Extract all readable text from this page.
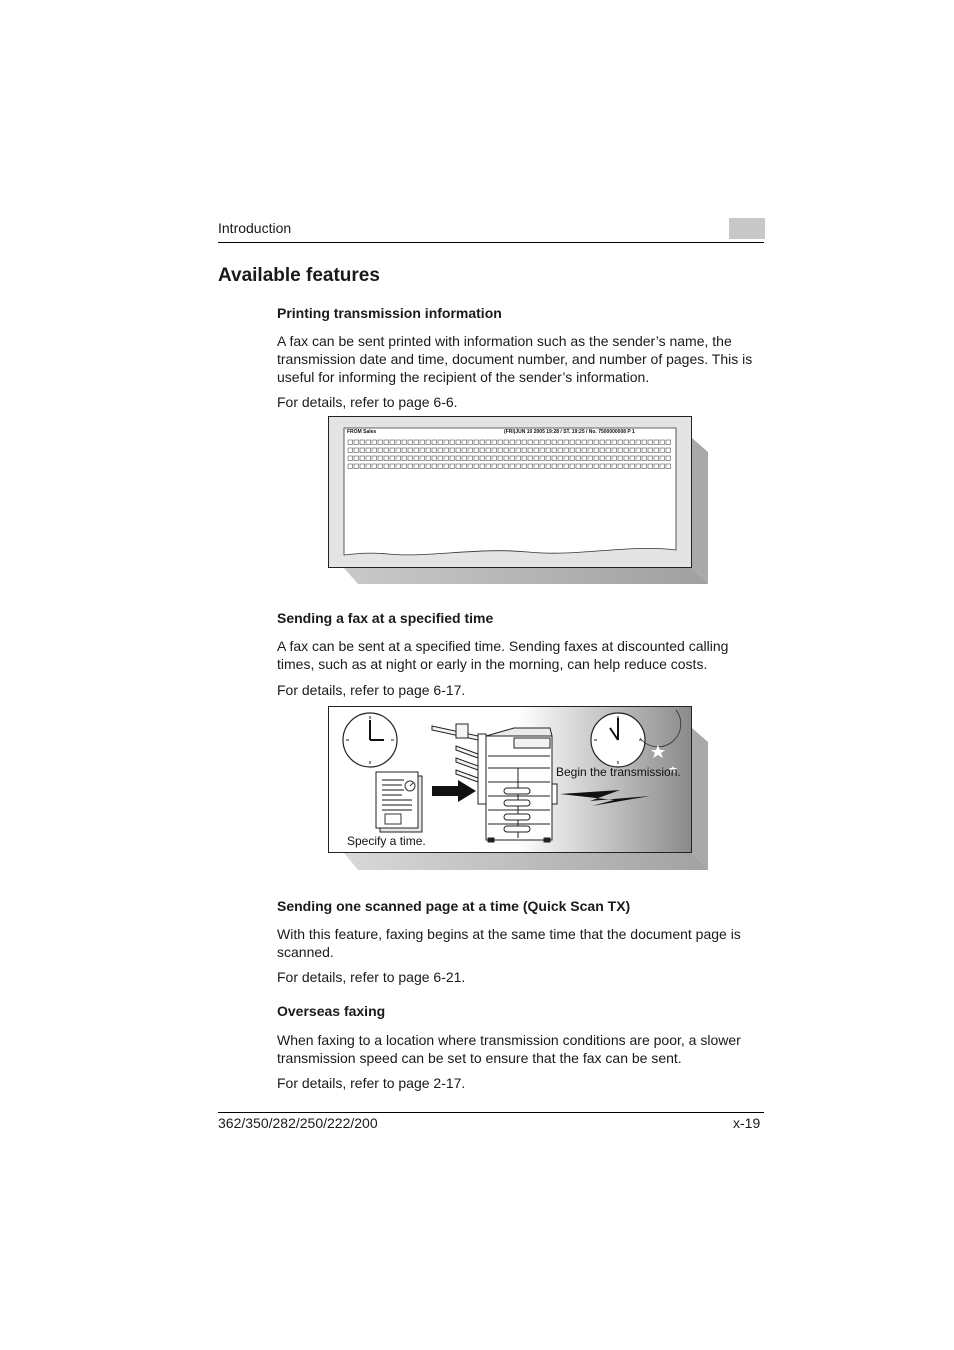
Introduction
Available features
Printing transmission information

A fax can be sent printed with information such as the sender’s name, the transmission date and time, document number, and number of pages. This is useful for informing the recipient of the sender’s information.

For details, refer to page 6-6.

FROM Sales	(FRI)JUN 10 2005 19:28 / ST. 19:25 / No. 7500000008 P 1
Sending a fax at a specified time

A fax can be sent at a specified time. Sending faxes at discounted calling times, such as at night or early in the morning, can help reduce costs.

For details, refer to page 6-17.

Begin the transmission.
Specify a time.
Sending one scanned page at a time (Quick Scan TX)

With this feature, faxing begins at the same time that the document page is scanned.

For details, refer to page 6-21.

Overseas faxing

When faxing to a location where transmission conditions are poor, a slower transmission speed can be set to ensure that the fax can be sent.

For details, refer to page 2-17.

362/350/282/250/222/200	x-19
